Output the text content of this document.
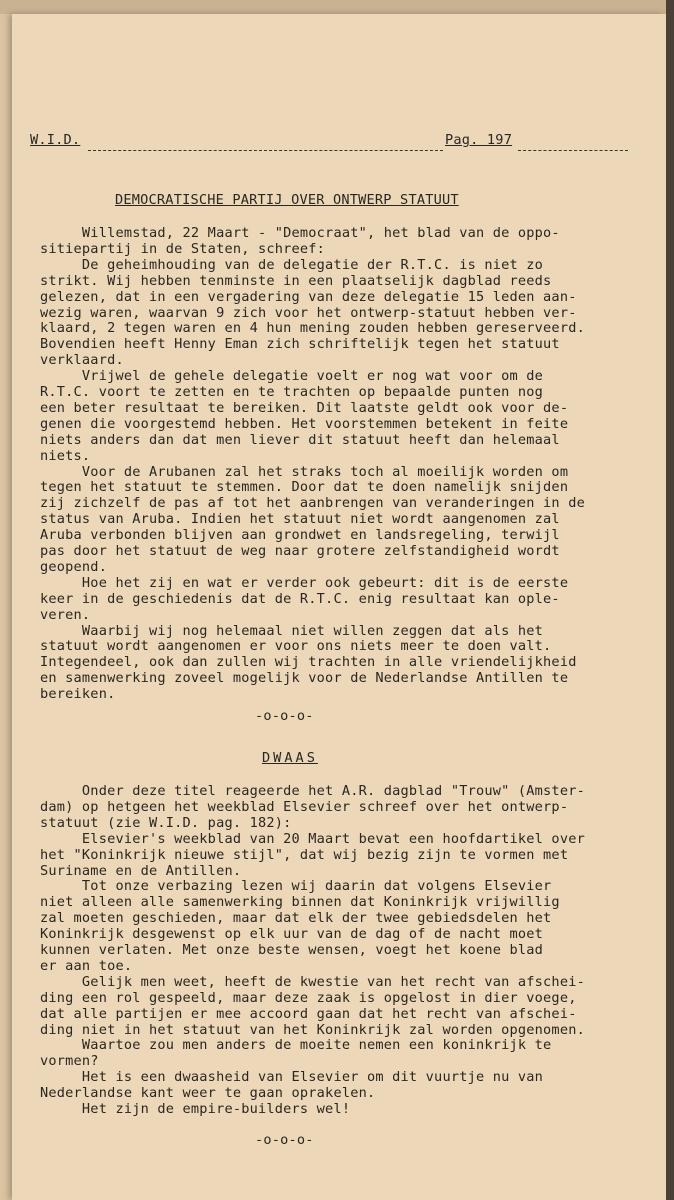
W.I.D.	Pag. 197
DEMOCRATISCHE PARTIJ OVER ONTWERP STATUUT
Willemstad, 22 Maart - "Democraat", het blad van de oppo-
sitiepartij in de Staten, schreef:
De geheimhouding van de delegatie der R.T.C. is niet zo
strikt. Wij hebben tenminste in een plaatselijk dagblad reeds
gelezen, dat in een vergadering van deze delegatie 15 leden aan-
wezig waren, waarvan 9 zich voor het ontwerp-statuut hebben ver-
klaard, 2 tegen waren en 4 hun mening zouden hebben gereserveerd.
Bovendien heeft Henny Eman zich schriftelijk tegen het statuut
verklaard.
Vrijwel de gehele delegatie voelt er nog wat voor om de
R.T.C. voort te zetten en te trachten op bepaalde punten nog
een beter resultaat te bereiken. Dit laatste geldt ook voor de-
genen die voorgestemd hebben. Het voorstemmen betekent in feite
niets anders dan dat men liever dit statuut heeft dan helemaal
niets.
Voor de Arubanen zal het straks toch al moeilijk worden om
tegen het statuut te stemmen. Door dat te doen namelijk snijden
zij zichzelf de pas af tot het aanbrengen van veranderingen in de
status van Aruba. Indien het statuut niet wordt aangenomen zal
Aruba verbonden blijven aan grondwet en landsregeling, terwijl
pas door het statuut de weg naar grotere zelfstandigheid wordt
geopend.
Hoe het zij en wat er verder ook gebeurt: dit is de eerste
keer in de geschiedenis dat de R.T.C. enig resultaat kan ople-
veren.
Waarbij wij nog helemaal niet willen zeggen dat als het
statuut wordt aangenomen er voor ons niets meer te doen valt.
Integendeel, ook dan zullen wij trachten in alle vriendelijkheid
en samenwerking zoveel mogelijk voor de Nederlandse Antillen te
bereiken.
-o-o-o-
DWAAS
Onder deze titel reageerde het A.R. dagblad "Trouw" (Amster-
dam) op hetgeen het weekblad Elsevier schreef over het ontwerp-
statuut (zie W.I.D. pag. 182):
Elsevier's weekblad van 20 Maart bevat een hoofdartikel over
het "Koninkrijk nieuwe stijl", dat wij bezig zijn te vormen met
Suriname en de Antillen.
Tot onze verbazing lezen wij daarin dat volgens Elsevier
niet alleen alle samenwerking binnen dat Koninkrijk vrijwillig
zal moeten geschieden, maar dat elk der twee gebiedsdelen het
Koninkrijk desgewenst op elk uur van de dag of de nacht moet
kunnen verlaten. Met onze beste wensen, voegt het koene blad
er aan toe.
Gelijk men weet, heeft de kwestie van het recht van afschei-
ding een rol gespeeld, maar deze zaak is opgelost in dier voege,
dat alle partijen er mee accoord gaan dat het recht van afschei-
ding niet in het statuut van het Koninkrijk zal worden opgenomen.
Waartoe zou men anders de moeite nemen een koninkrijk te
vormen?
Het is een dwaasheid van Elsevier om dit vuurtje nu van
Nederlandse kant weer te gaan oprakelen.
Het zijn de empire-builders wel!
-o-o-o-
